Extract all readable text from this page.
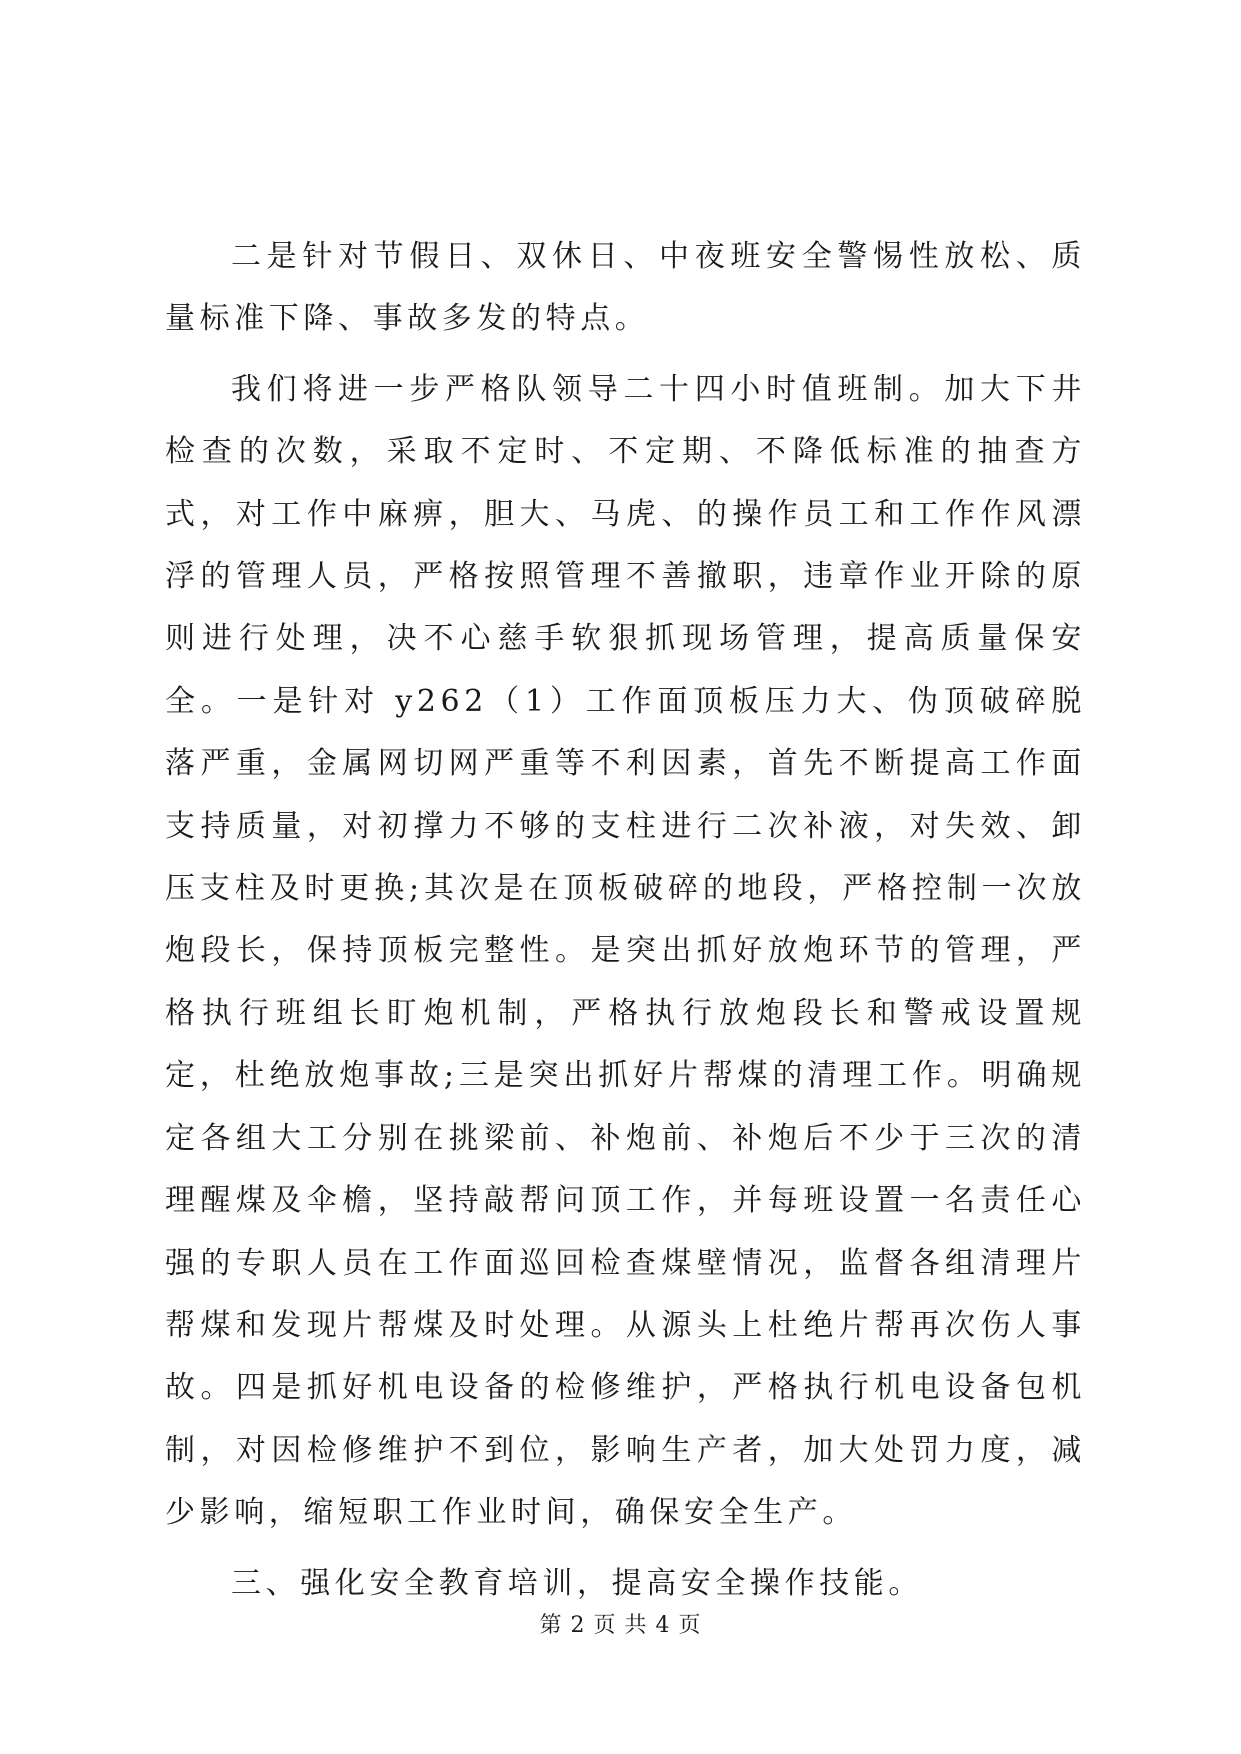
二是针对节假日、双休日、中夜班安全警惕性放松、质量标准下降、事故多发的特点。

我们将进一步严格队领导二十四小时值班制。加大下井检查的次数，采取不定时、不定期、不降低标准的抽查方式，对工作中麻痹，胆大、马虎、的操作员工和工作作风漂浮的管理人员，严格按照管理不善撤职，违章作业开除的原则进行处理，决不心慈手软狠抓现场管理，提高质量保安全。一是针对 y262（1）工作面顶板压力大、伪顶破碎脱落严重，金属网切网严重等不利因素，首先不断提高工作面支持质量，对初撑力不够的支柱进行二次补液，对失效、卸压支柱及时更换;其次是在顶板破碎的地段，严格控制一次放炮段长，保持顶板完整性。是突出抓好放炮环节的管理，严格执行班组长盯炮机制，严格执行放炮段长和警戒设置规定，杜绝放炮事故;三是突出抓好片帮煤的清理工作。明确规定各组大工分别在挑梁前、补炮前、补炮后不少于三次的清理醒煤及伞檐，坚持敲帮问顶工作，并每班设置一名责任心强的专职人员在工作面巡回检查煤壁情况，监督各组清理片帮煤和发现片帮煤及时处理。从源头上杜绝片帮再次伤人事故。四是抓好机电设备的检修维护，严格执行机电设备包机制，对因检修维护不到位，影响生产者，加大处罚力度，减少影响，缩短职工作业时间，确保安全生产。

三、强化安全教育培训，提高安全操作技能。

第 2 页 共 4 页
